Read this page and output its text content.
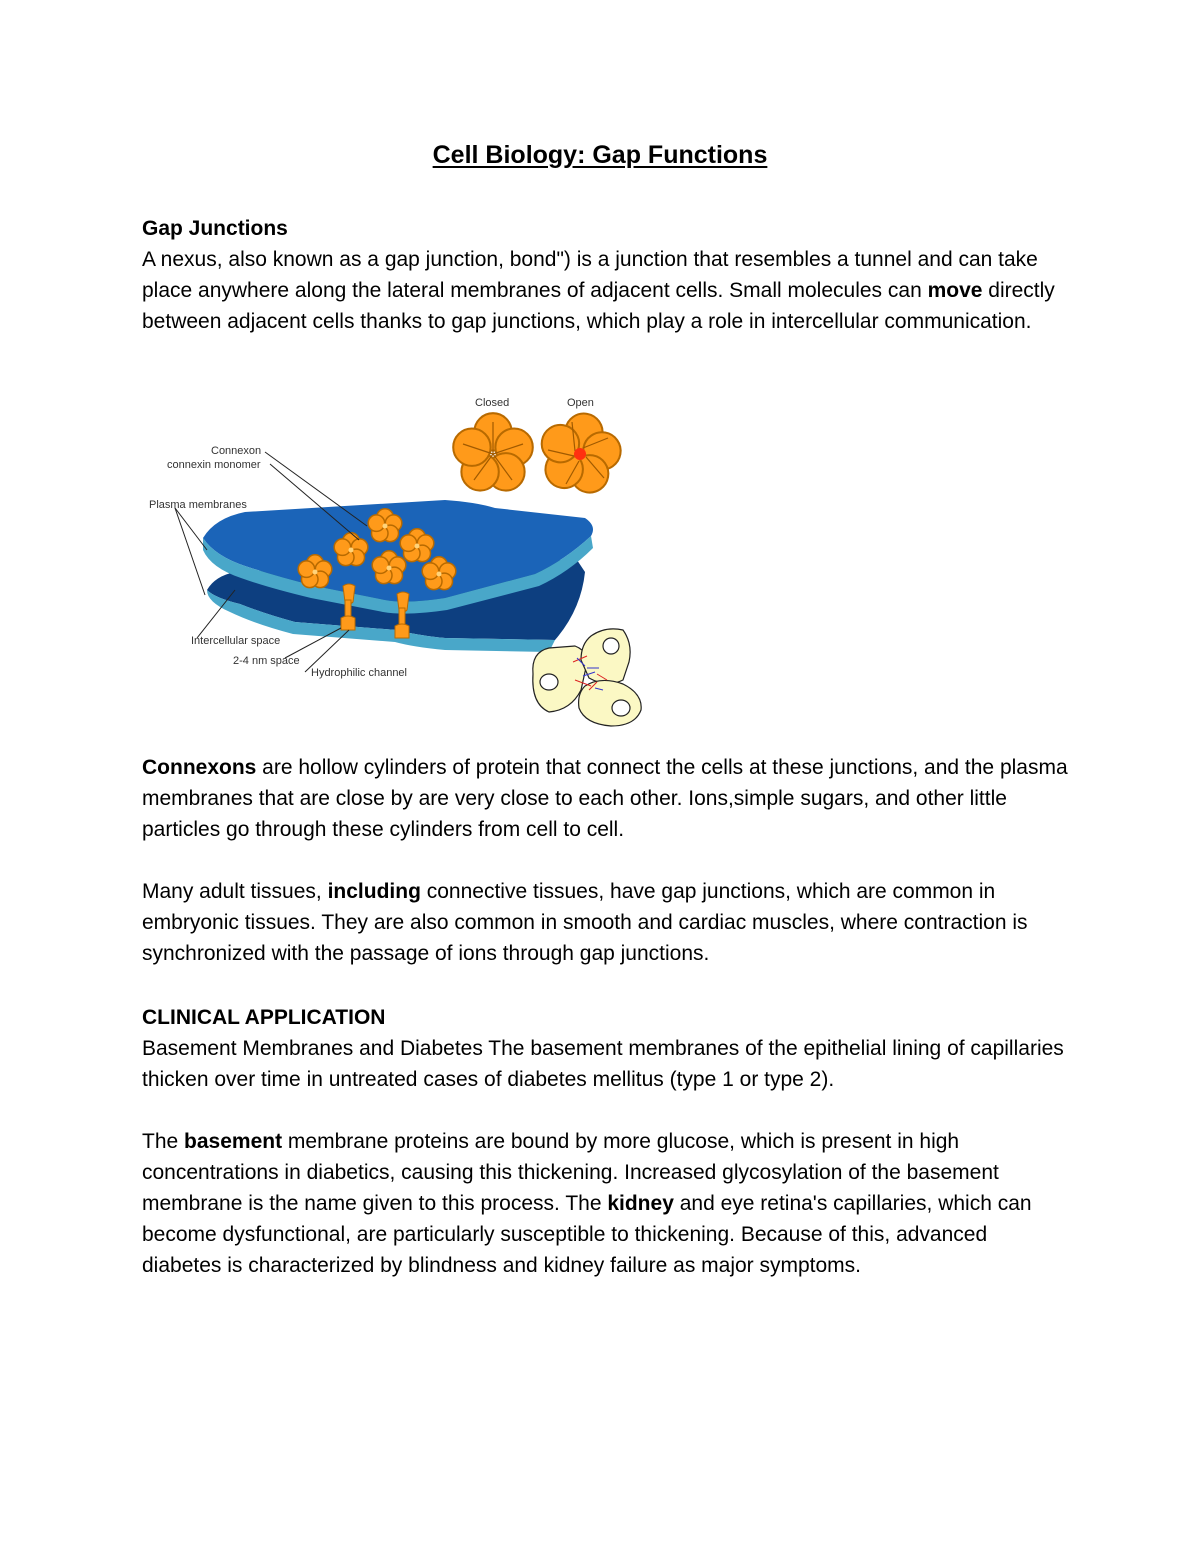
Cell Biology: Gap Functions

Gap Junctions

A nexus, also known as a gap junction, bond") is a junction that resembles a tunnel and can take place anywhere along the lateral membranes of adjacent cells. Small molecules can move directly between adjacent cells thanks to gap junctions, which play a role in intercellular communication.

Closed	Open
Connexon
connexin monomer
Plasma membranes
Intercellular space
2-4 nm space
Hydrophilic channel

Connexons are hollow cylinders of protein that connect the cells at these junctions, and the plasma membranes that are close by are very close to each other. Ions,simple sugars, and other little particles go through these cylinders from cell to cell.

Many adult tissues, including connective tissues, have gap junctions, which are common in embryonic tissues. They are also common in smooth and cardiac muscles, where contraction is synchronized with the passage of ions through gap junctions.

CLINICAL APPLICATION

Basement Membranes and Diabetes The basement membranes of the epithelial lining of capillaries thicken over time in untreated cases of diabetes mellitus (type 1 or type 2).

The basement membrane proteins are bound by more glucose, which is present in high concentrations in diabetics, causing this thickening. Increased glycosylation of the basement membrane is the name given to this process. The kidney and eye retina's capillaries, which can become dysfunctional, are particularly susceptible to thickening. Because of this, advanced diabetes is characterized by blindness and kidney failure as major symptoms.
